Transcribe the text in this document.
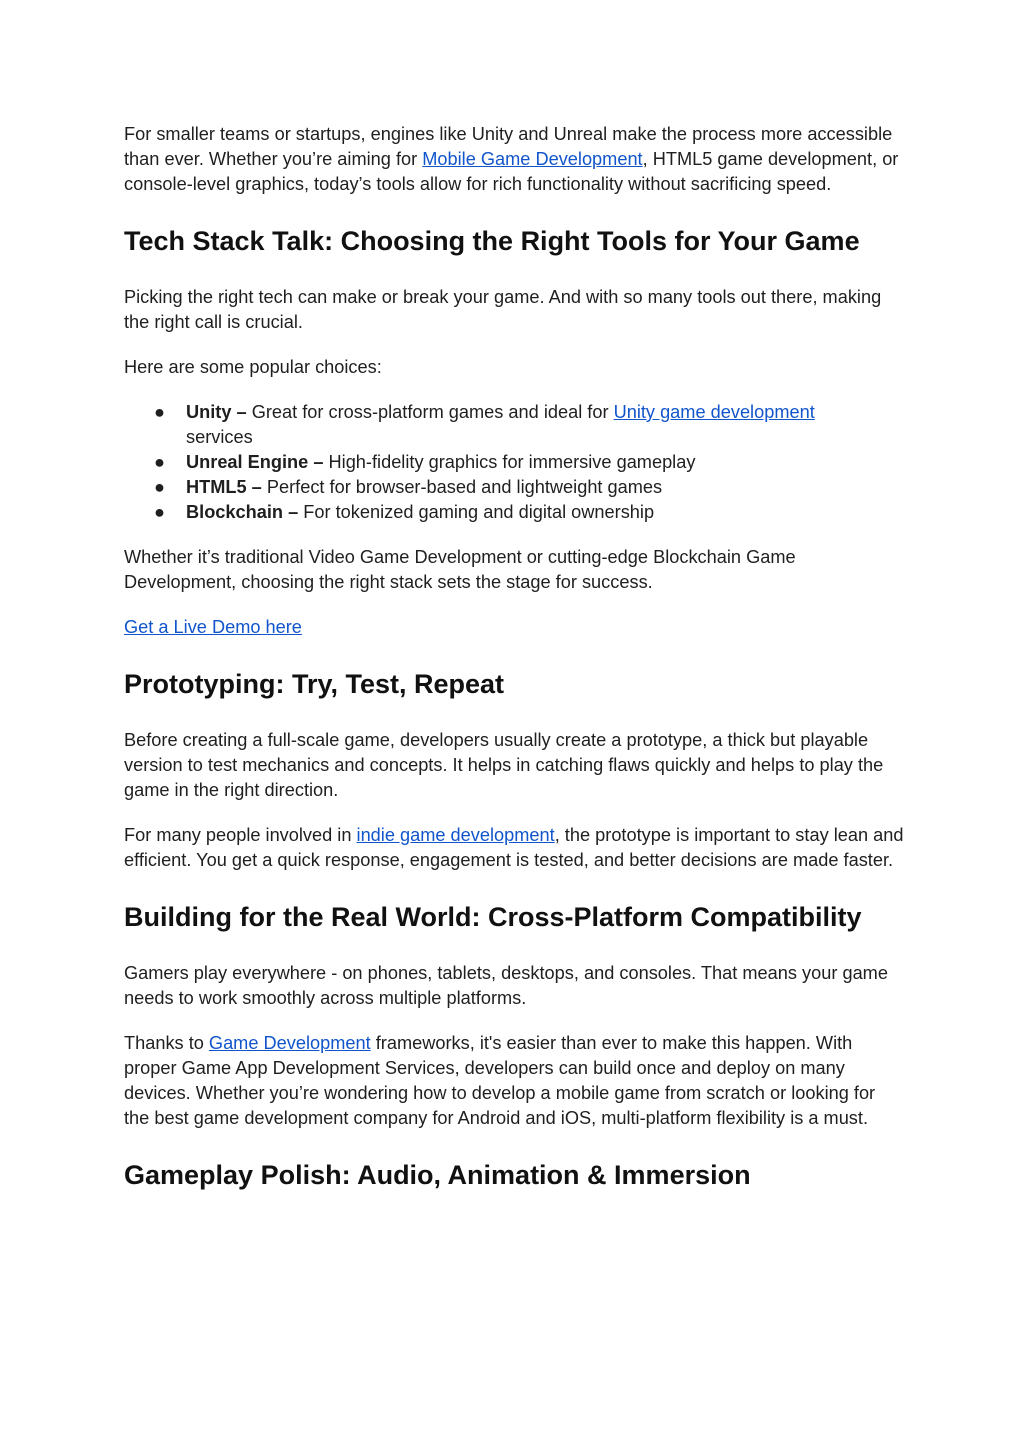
For smaller teams or startups, engines like Unity and Unreal make the process more accessible than ever. Whether you’re aiming for Mobile Game Development, HTML5 game development, or console-level graphics, today’s tools allow for rich functionality without sacrificing speed.

Tech Stack Talk: Choosing the Right Tools for Your Game

Picking the right tech can make or break your game. And with so many tools out there, making the right call is crucial.

Here are some popular choices:

● Unity – Great for cross-platform games and ideal for Unity game development
services
● Unreal Engine – High-fidelity graphics for immersive gameplay
● HTML5 – Perfect for browser-based and lightweight games
● Blockchain – For tokenized gaming and digital ownership

Whether it’s traditional Video Game Development or cutting-edge Blockchain Game Development, choosing the right stack sets the stage for success.

Get a Live Demo here

Prototyping: Try, Test, Repeat

Before creating a full-scale game, developers usually create a prototype, a thick but playable version to test mechanics and concepts. It helps in catching flaws quickly and helps to play the game in the right direction.

For many people involved in indie game development, the prototype is important to stay lean and efficient. You get a quick response, engagement is tested, and better decisions are made faster.

Building for the Real World: Cross-Platform Compatibility

Gamers play everywhere - on phones, tablets, desktops, and consoles. That means your game needs to work smoothly across multiple platforms.

Thanks to Game Development frameworks, it's easier than ever to make this happen. With proper Game App Development Services, developers can build once and deploy on many devices. Whether you’re wondering how to develop a mobile game from scratch or looking for the best game development company for Android and iOS, multi-platform flexibility is a must.

Gameplay Polish: Audio, Animation & Immersion
